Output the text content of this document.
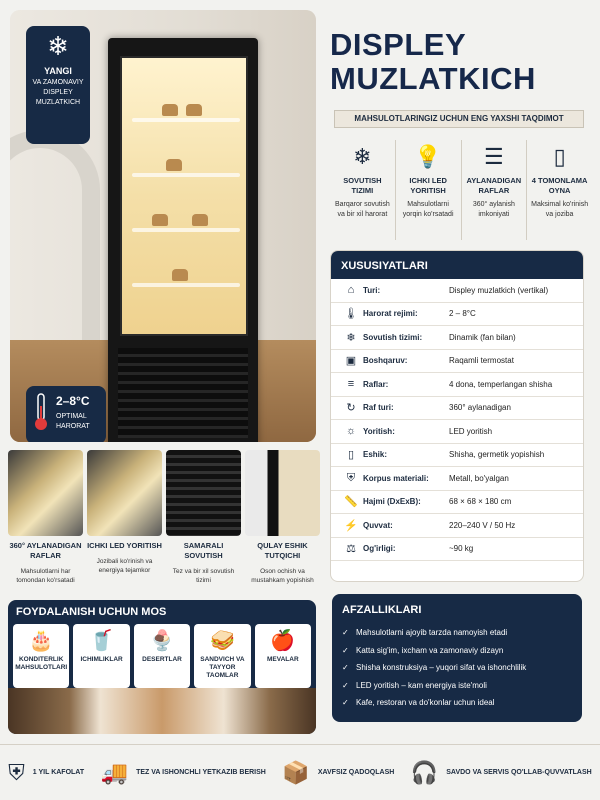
❄
YANGI
VA ZAMONAVIY DISPLEY MUZLATKICH
2–8°C
OPTIMAL HARORAT
DISPLEY MUZLATKICH
MAHSULOTLARINGIZ UCHUN ENG YAXSHI TAQDIMOT
❄
SOVUTISH TIZIMI
Barqaror sovutish va bir xil harorat
💡
ICHKI LED YORITISH
Mahsulotlarni yorqin ko'rsatadi
☰
AYLANADIGAN RAFLAR
360° aylanish imkoniyati
▯
4 TOMONLAMA OYNA
Maksimal ko'rinish va joziba
XUSUSIYATLARI
⌂	Turi:	Displey muzlatkich (vertikal)
🌡 Harorat rejimi:	2 – 8°C
❄ Sovutish tizimi:	Dinamik (fan bilan)
▣ Boshqaruv:	Raqamli termostat
≡	Raflar:	4 dona, temperlangan shisha
↻ Raf turi:	360° aylanadigan
☼ Yoritish:	LED yoritish
▯	Eshik:	Shisha, germetik yopishish
⛨ Korpus materiali:	Metall, bo'yalgan
📏 Hajmi (DxExB):	68 × 68 × 180 cm
⚡ Quvvat:	220–240 V / 50 Hz
⚖ Og'irligi:	~90 kg
360° AYLANADIGAN RAFLAR
Mahsulotlarni har tomondan ko'rsatadi
ICHKI LED YORITISH
Jozibali ko'rinish va energiya tejamkor
SAMARALI SOVUTISH
Tez va bir xil sovutish tizimi
QULAY ESHIK TUTQICHI
Oson ochish va mustahkam yopishish
FOYDALANISH UCHUN MOS
🎂
KONDITERLIK MAHSULOTLARI
🥤
ICHIMLIKLAR
🍨
DESERTLAR
🥪
SANDVICH VA TAYYOR TAOMLAR
🍎
MEVALAR
AFZALLIKLARI
✓ Mahsulotlarni ajoyib tarzda namoyish etadi
✓ Katta sig'im, ixcham va zamonaviy dizayn
✓ Shisha konstruksiya – yuqori sifat va ishonchlilik
✓ LED yoritish – kam energiya iste'moli
✓ Kafe, restoran va do'konlar uchun ideal
⛨ 1 YIL KAFOLAT 🚚 TEZ VA ISHONCHLI YETKAZIB BERISH 📦 XAVFSIZ QADOQLASH 🎧 SAVDO VA SERVIS QO'LLAB-QUVVATLASH
